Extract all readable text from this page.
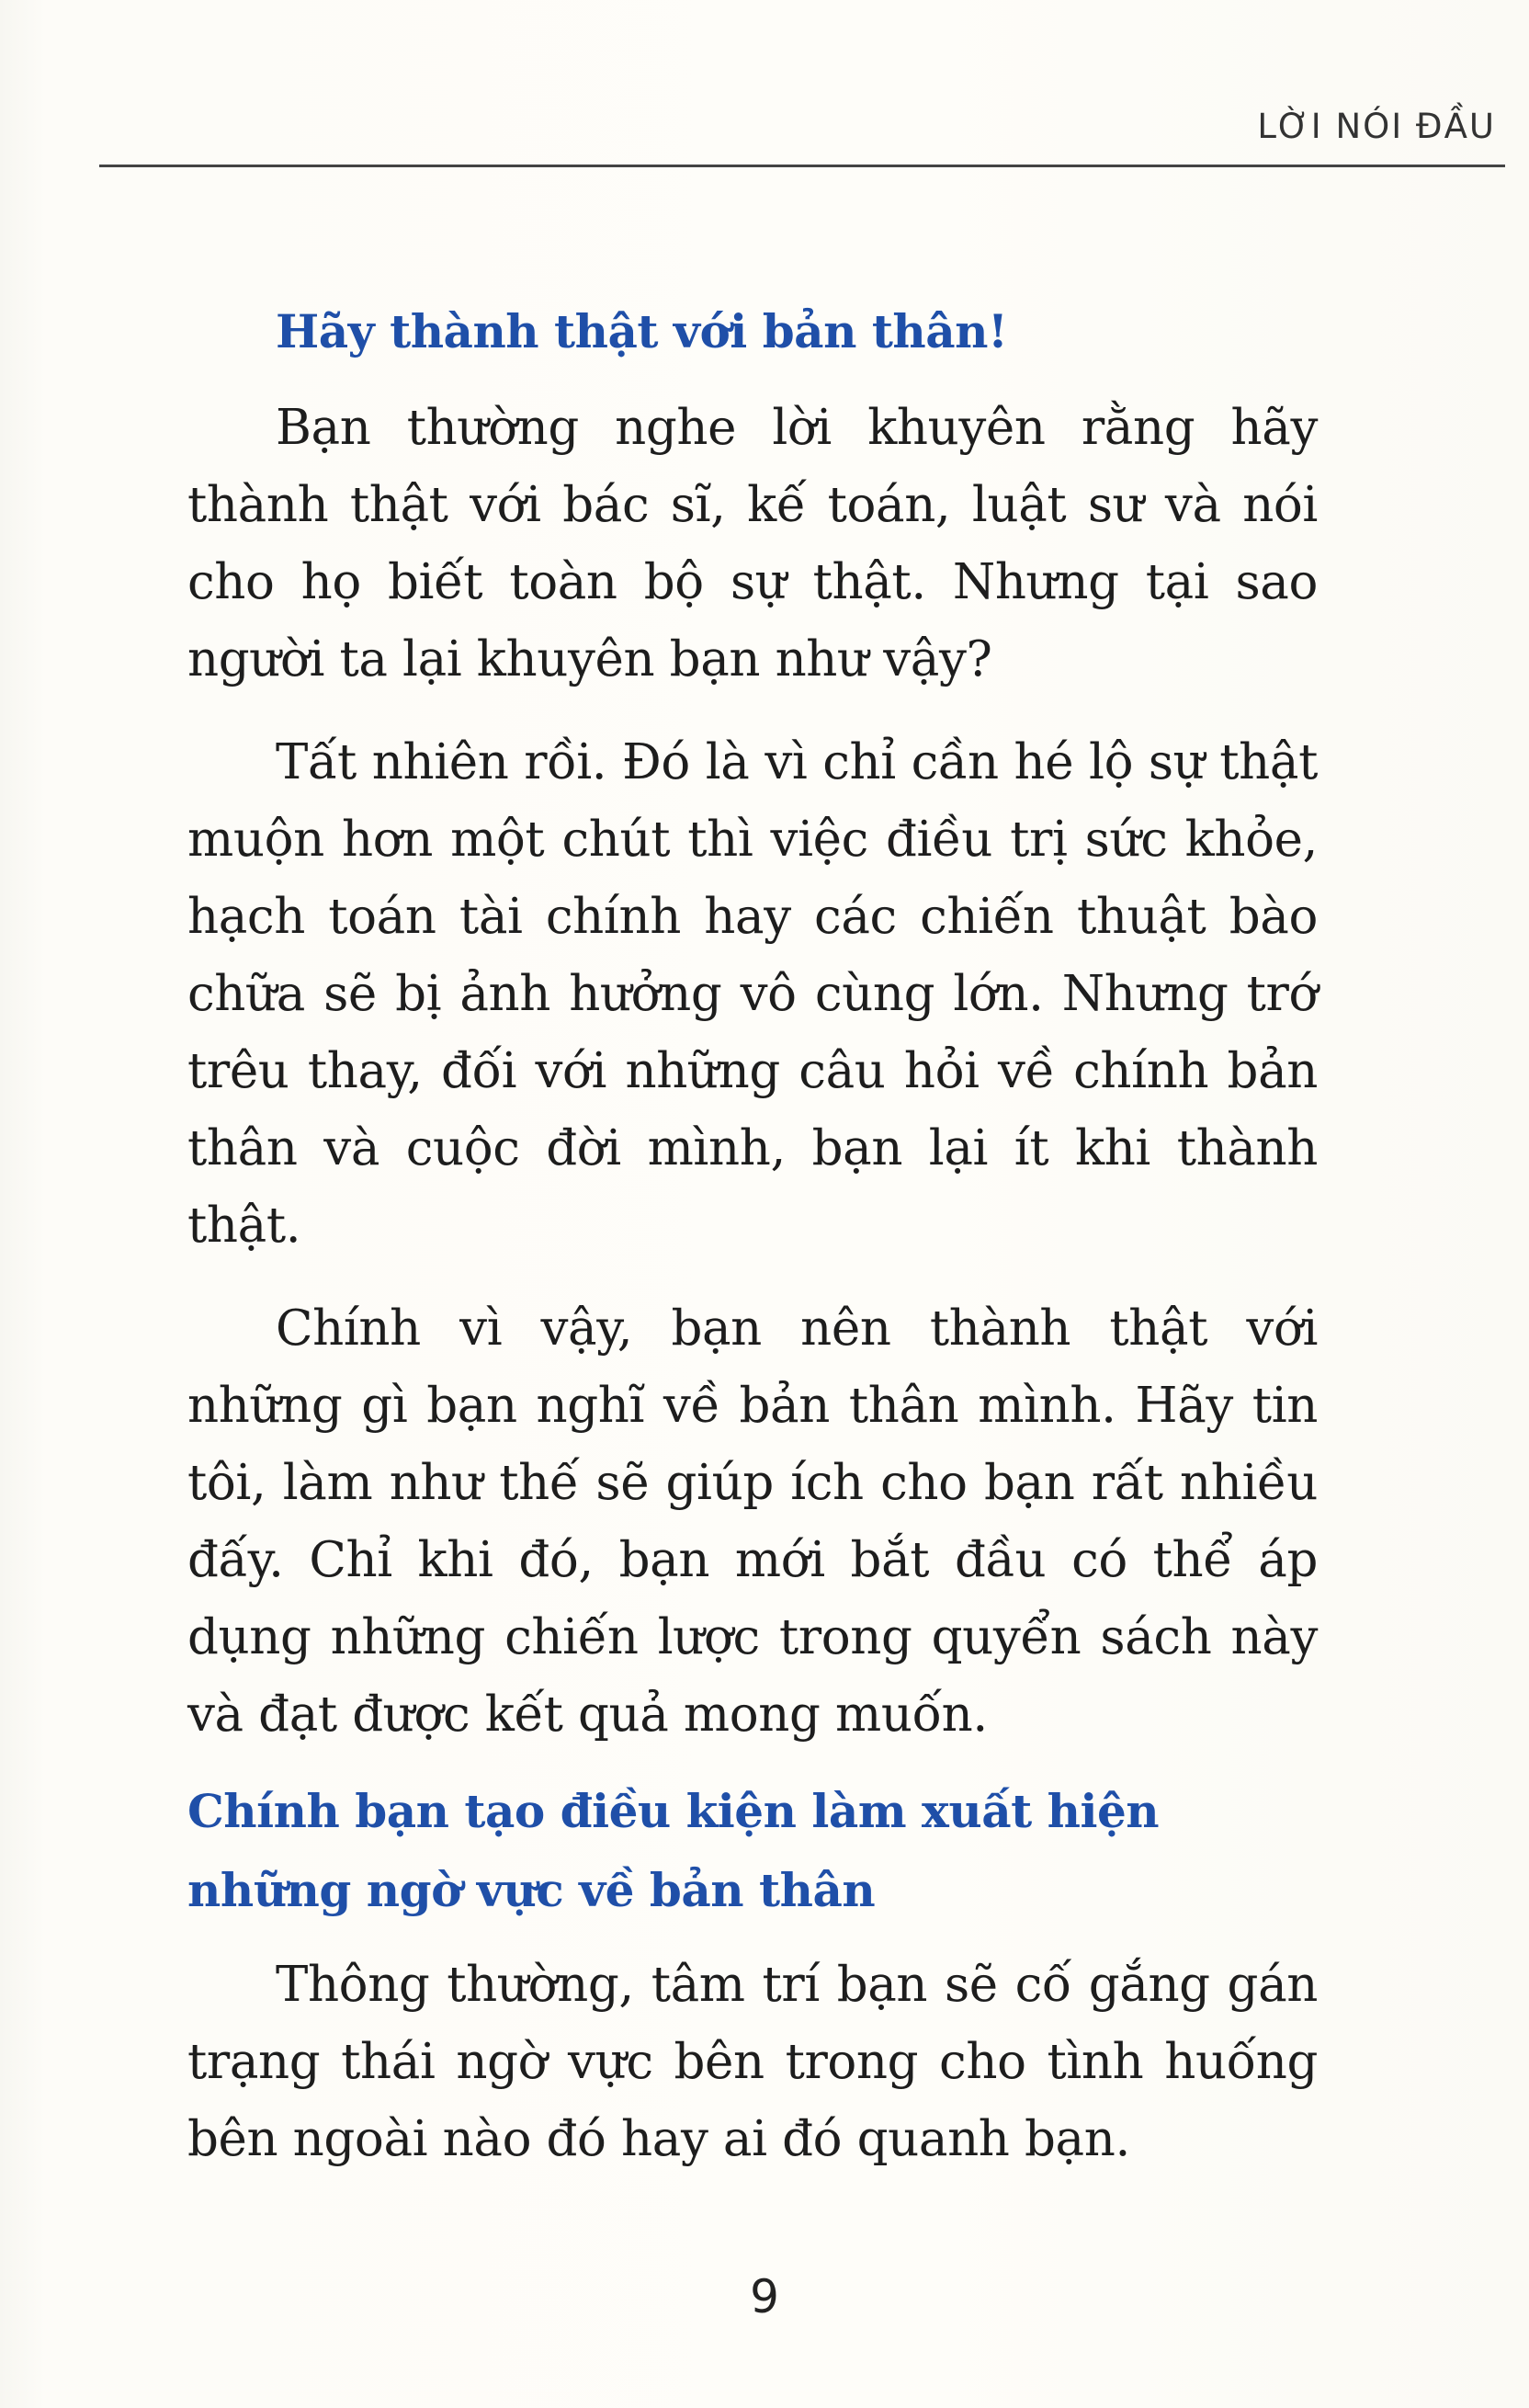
LỜI NÓI ĐẦU
Hãy thành thật với bản thân!

Bạn thường nghe lời khuyên rằng hãy thành thật với bác sĩ, kế toán, luật sư và nói cho họ biết toàn bộ sự thật. Nhưng tại sao người ta lại khuyên bạn như vậy?

Tất nhiên rồi. Đó là vì chỉ cần hé lộ sự thật muộn hơn một chút thì việc điều trị sức khỏe, hạch toán tài chính hay các chiến thuật bào chữa sẽ bị ảnh hưởng vô cùng lớn. Nhưng trớ trêu thay, đối với những câu hỏi về chính bản thân và cuộc đời mình, bạn lại ít khi thành thật.

Chính vì vậy, bạn nên thành thật với những gì bạn nghĩ về bản thân mình. Hãy tin tôi, làm như thế sẽ giúp ích cho bạn rất nhiều đấy. Chỉ khi đó, bạn mới bắt đầu có thể áp dụng những chiến lược trong quyển sách này và đạt được kết quả mong muốn.

Chính bạn tạo điều kiện làm xuất hiện những ngờ vực về bản thân

Thông thường, tâm trí bạn sẽ cố gắng gán trạng thái ngờ vực bên trong cho tình huống bên ngoài nào đó hay ai đó quanh bạn.

9
